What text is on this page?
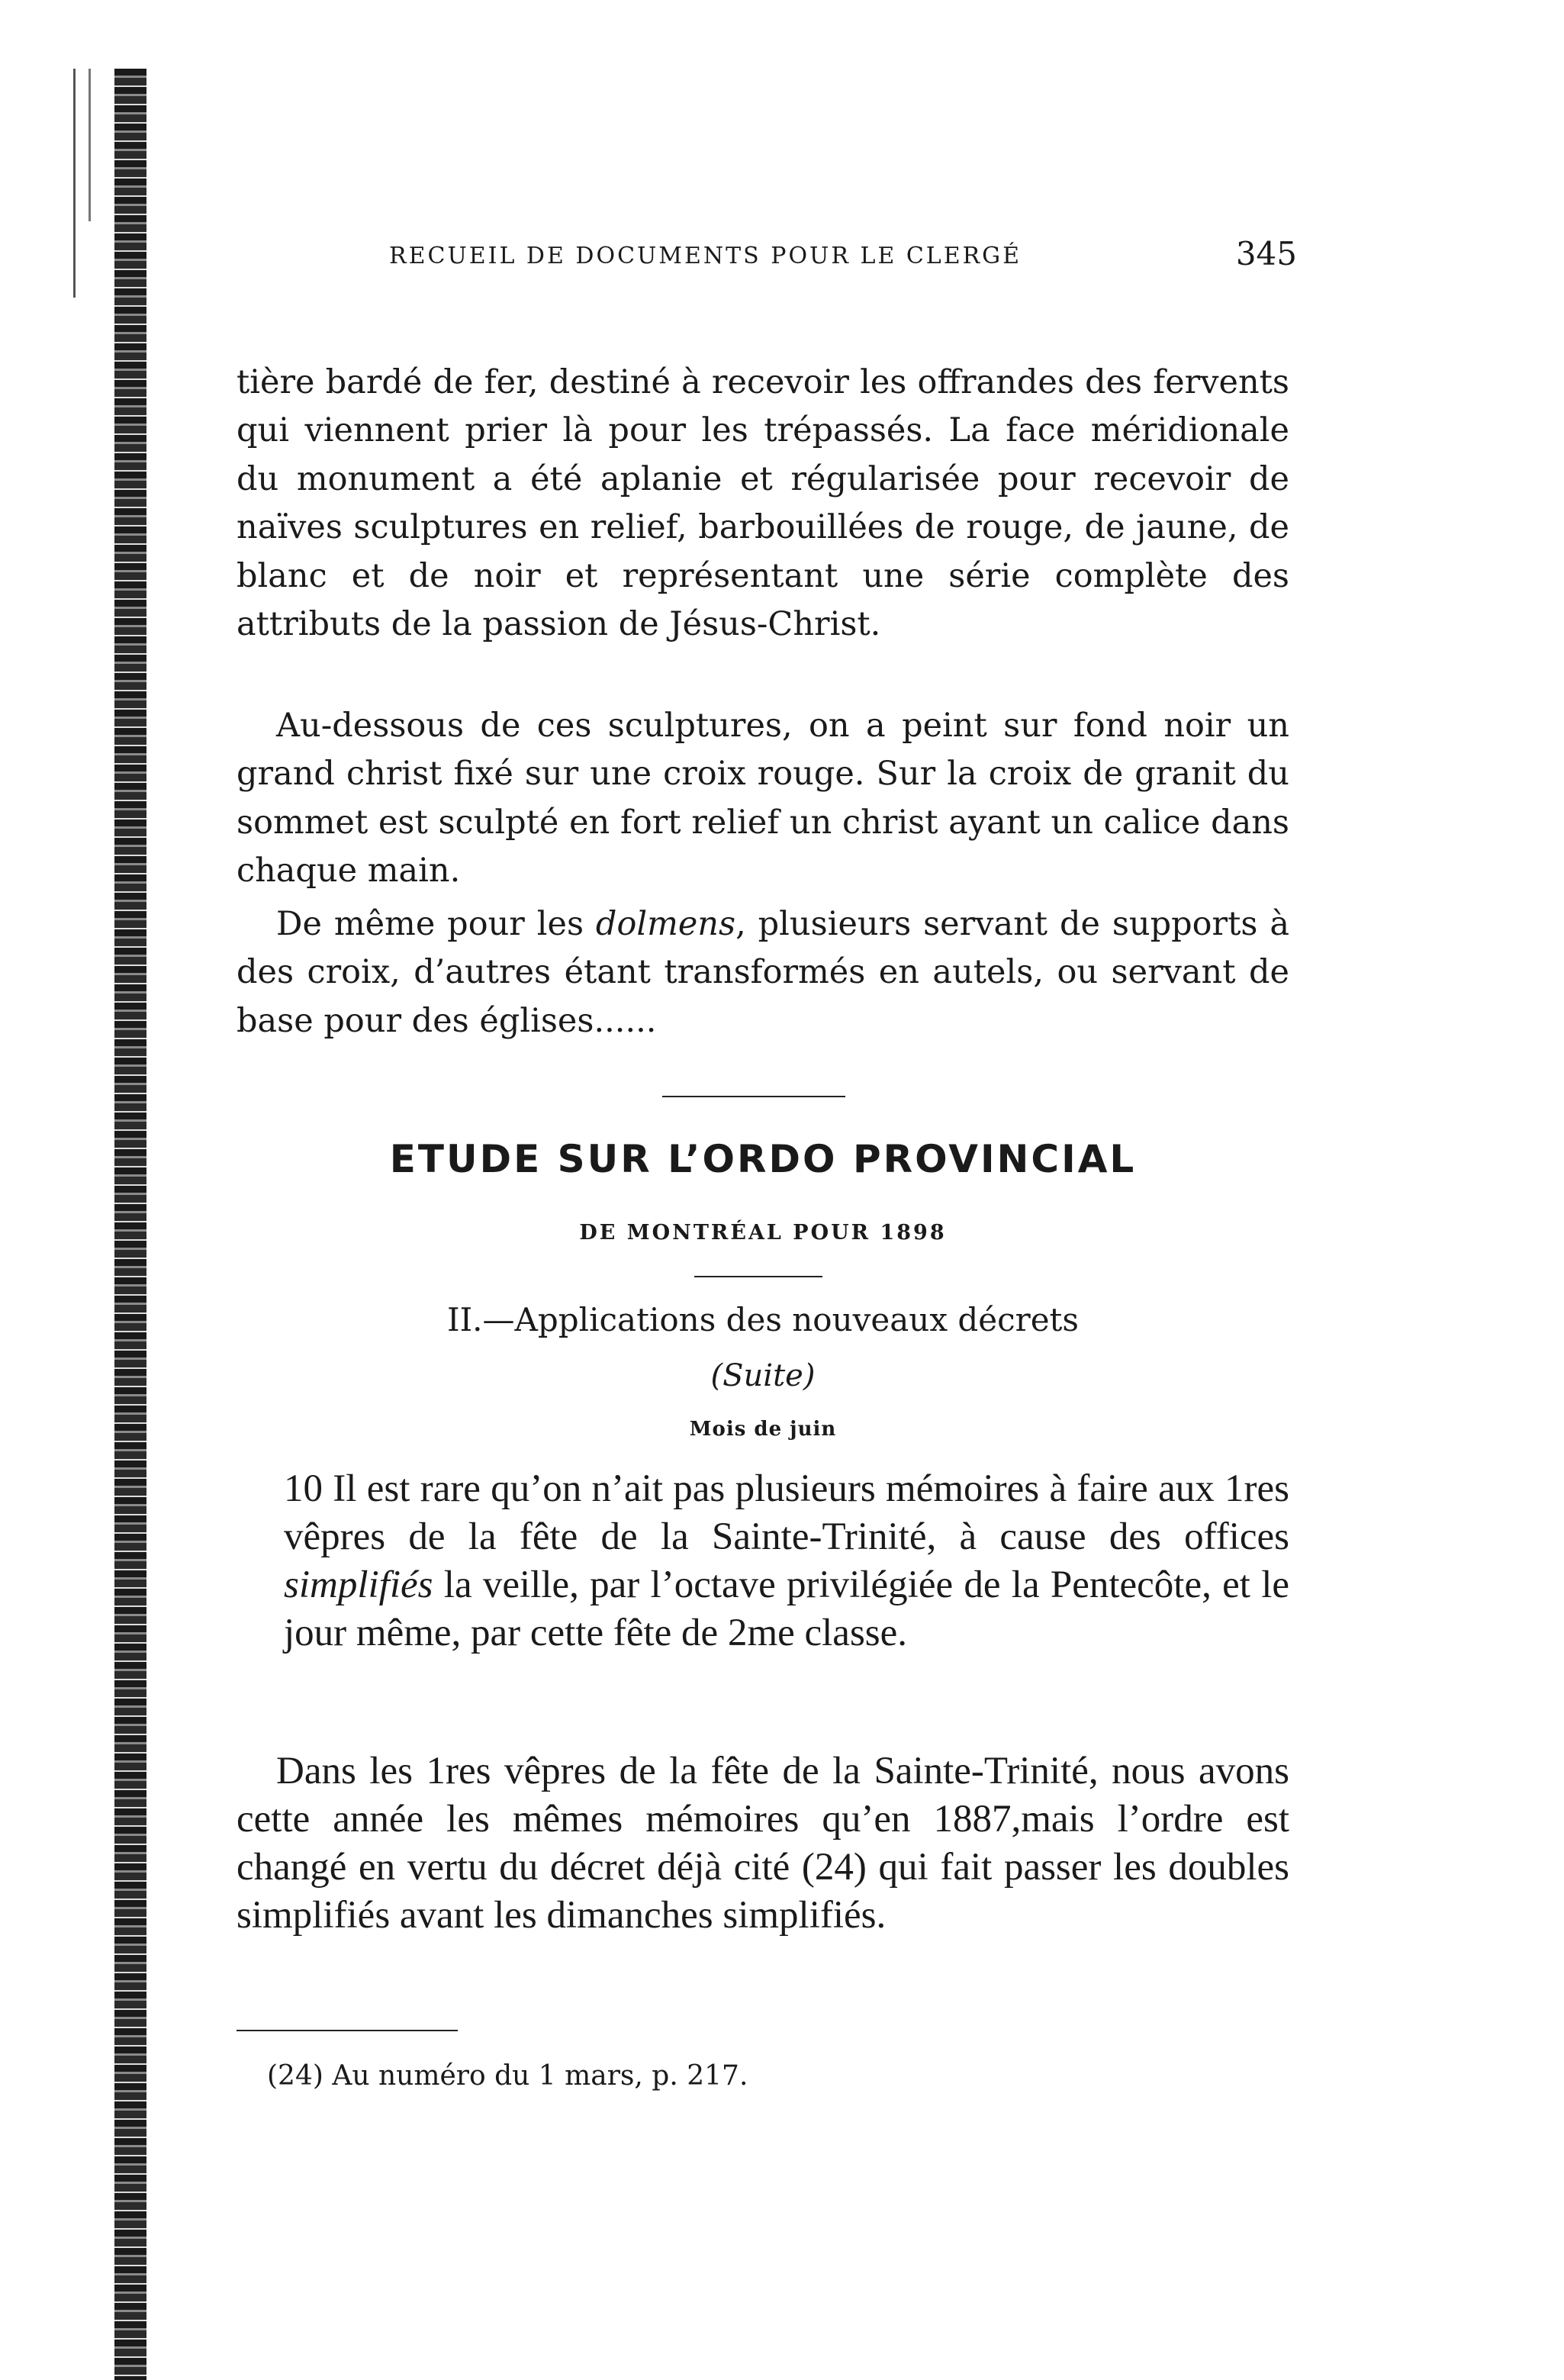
RECUEIL DE DOCUMENTS POUR LE CLERGÉ	345

tière bardé de fer, destiné à recevoir les offrandes des fervents qui viennent prier là pour les trépassés. La face méridionale du monument a été aplanie et régularisée pour recevoir de naïves sculptures en relief, barbouillées de rouge, de jaune, de blanc et de noir et représentant une série complète des attributs de la passion de Jésus-Christ.

Au-dessous de ces sculptures, on a peint sur fond noir un grand christ fixé sur une croix rouge. Sur la croix de granit du sommet est sculpté en fort relief un christ ayant un calice dans chaque main.

De même pour les dolmens, plusieurs servant de supports à des croix, d’autres étant transformés en autels, ou servant de base pour des églises......

ETUDE SUR L’ORDO PROVINCIAL
DE MONTRÉAL POUR 1898
II.—Applications des nouveaux décrets
(Suite)
Mois de juin

10 Il est rare qu’on n’ait pas plusieurs mémoires à faire aux 1res vêpres de la fête de la Sainte-Trinité, à cause des offices simplifiés la veille, par l’octave privilégiée de la Pentecôte, et le jour même, par cette fête de 2me classe.

Dans les 1res vêpres de la fête de la Sainte-Trinité, nous avons cette année les mêmes mémoires qu’en 1887,mais l’ordre est changé en vertu du décret déjà cité (24) qui fait passer les doubles simplifiés avant les dimanches simplifiés.

(24) Au numéro du 1 mars, p. 217.
